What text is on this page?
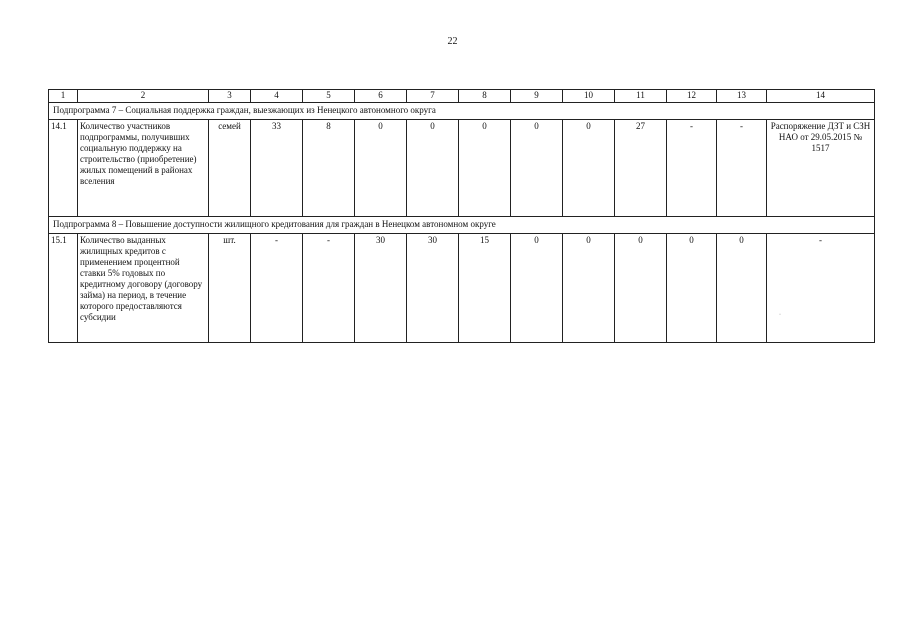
22
1	2	3	4	5	6	7	8	9	10	11	12	13	14
Подпрограмма 7 – Социальная поддержка граждан, выезжающих из Ненецкого автономного округа													
14.1	Количество участников подпрограммы, получивших социальную поддержку на строительство (приобретение) жилых помещений в районах вселения	семей	33	8	0	0	0	0	0	27	-	-	Распоряжение ДЗТ и СЗН НАО от 29.05.2015 № 1517
Подпрограмма 8 – Повышение доступности жилищного кредитования для граждан в Ненецком автономном округе													
15.1	Количество выданных жилищных кредитов с применением процентной ставки 5% годовых по кредитному договору (договору займа) на период, в течение которого предоставляются субсидии	шт.	-	-	30	30	15	0	0	0	0	0	-
·
